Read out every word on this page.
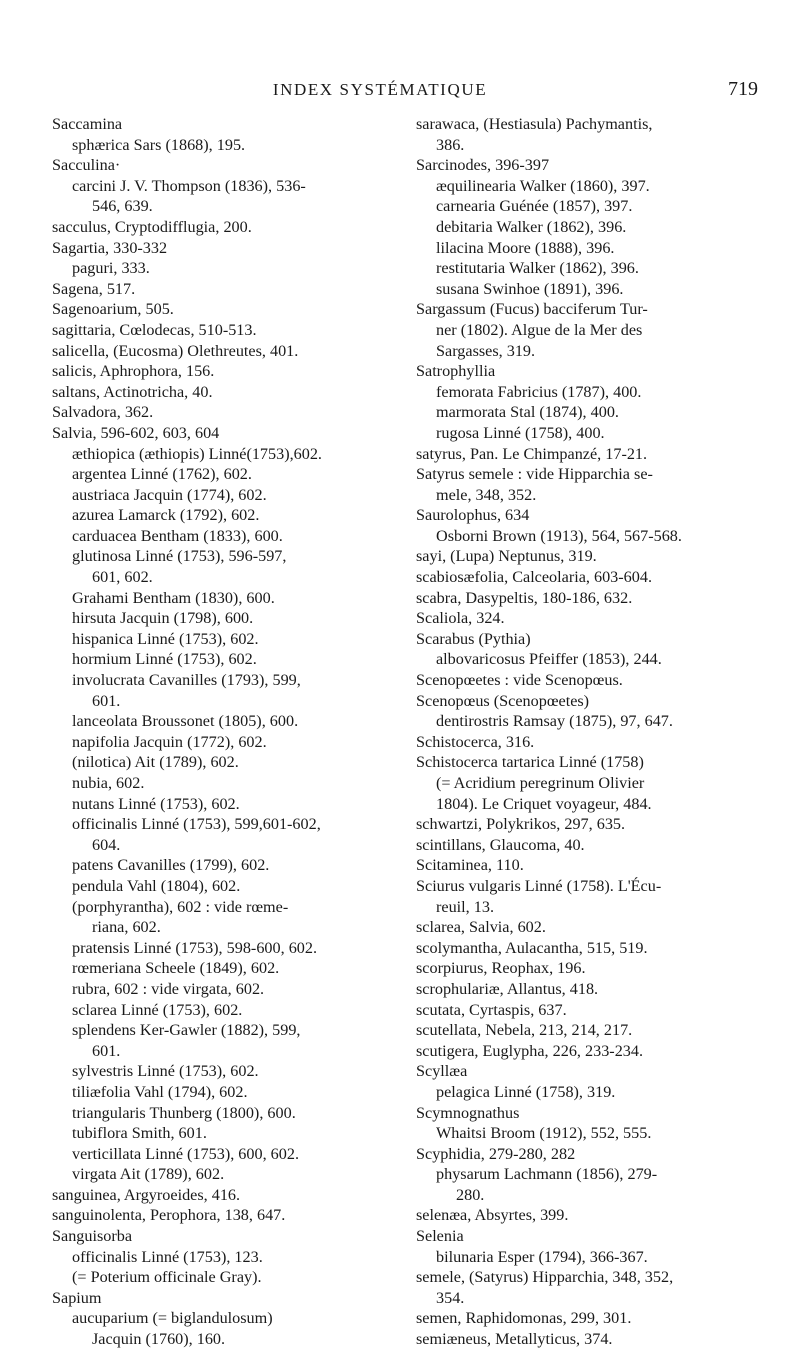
INDEX SYSTÉMATIQUE	719
Saccamina
sphærica Sars (1868), 195.
Sacculina·
carcini J. V. Thompson (1836), 536-
546, 639.
sacculus, Cryptodifflugia, 200.
Sagartia, 330-332
paguri, 333.
Sagena, 517.
Sagenoarium, 505.
sagittaria, Cœlodecas, 510-513.
salicella, (Eucosma) Olethreutes, 401.
salicis, Aphrophora, 156.
saltans, Actinotricha, 40.
Salvadora, 362.
Salvia, 596-602, 603, 604
æthiopica (æthiopis) Linné(1753),602.
argentea Linné (1762), 602.
austriaca Jacquin (1774), 602.
azurea Lamarck (1792), 602.
carduacea Bentham (1833), 600.
glutinosa Linné (1753), 596-597,
601, 602.
Grahami Bentham (1830), 600.
hirsuta Jacquin (1798), 600.
hispanica Linné (1753), 602.
hormium Linné (1753), 602.
involucrata Cavanilles (1793), 599,
601.
lanceolata Broussonet (1805), 600.
napifolia Jacquin (1772), 602.
(nilotica) Ait (1789), 602.
nubia, 602.
nutans Linné (1753), 602.
officinalis Linné (1753), 599,601-602,
604.
patens Cavanilles (1799), 602.
pendula Vahl (1804), 602.
(porphyrantha), 602 : vide rœme-
riana, 602.
pratensis Linné (1753), 598-600, 602.
rœmeriana Scheele (1849), 602.
rubra, 602 : vide virgata, 602.
sclarea Linné (1753), 602.
splendens Ker-Gawler (1882), 599,
601.
sylvestris Linné (1753), 602.
tiliæfolia Vahl (1794), 602.
triangularis Thunberg (1800), 600.
tubiflora Smith, 601.
verticillata Linné (1753), 600, 602.
virgata Ait (1789), 602.
sanguinea, Argyroeides, 416.
sanguinolenta, Perophora, 138, 647.
Sanguisorba
officinalis Linné (1753), 123.
(= Poterium officinale Gray).
Sapium
aucuparium (= biglandulosum)
Jacquin (1760), 160.
sarawaca, (Hestiasula) Pachymantis,
386.
Sarcinodes, 396-397
æquilinearia Walker (1860), 397.
carnearia Guénée (1857), 397.
debitaria Walker (1862), 396.
lilacina Moore (1888), 396.
restitutaria Walker (1862), 396.
susana Swinhoe (1891), 396.
Sargassum (Fucus) bacciferum Tur-
ner (1802). Algue de la Mer des
Sargasses, 319.
Satrophyllia
femorata Fabricius (1787), 400.
marmorata Stal (1874), 400.
rugosa Linné (1758), 400.
satyrus, Pan. Le Chimpanzé, 17-21.
Satyrus semele : vide Hipparchia se-
mele, 348, 352.
Saurolophus, 634
Osborni Brown (1913), 564, 567-568.
sayi, (Lupa) Neptunus, 319.
scabiosæfolia, Calceolaria, 603-604.
scabra, Dasypeltis, 180-186, 632.
Scaliola, 324.
Scarabus (Pythia)
albovaricosus Pfeiffer (1853), 244.
Scenopœetes : vide Scenopœus.
Scenopœus (Scenopœetes)
dentirostris Ramsay (1875), 97, 647.
Schistocerca, 316.
Schistocerca tartarica Linné (1758)
(= Acridium peregrinum Olivier
1804). Le Criquet voyageur, 484.
schwartzi, Polykrikos, 297, 635.
scintillans, Glaucoma, 40.
Scitaminea, 110.
Sciurus vulgaris Linné (1758). L'Écu-
reuil, 13.
sclarea, Salvia, 602.
scolymantha, Aulacantha, 515, 519.
scorpiurus, Reophax, 196.
scrophulariæ, Allantus, 418.
scutata, Cyrtaspis, 637.
scutellata, Nebela, 213, 214, 217.
scutigera, Euglypha, 226, 233-234.
Scyllæa
pelagica Linné (1758), 319.
Scymnognathus
Whaitsi Broom (1912), 552, 555.
Scyphidia, 279-280, 282
physarum Lachmann (1856), 279-
280.
selenæa, Absyrtes, 399.
Selenia
bilunaria Esper (1794), 366-367.
semele, (Satyrus) Hipparchia, 348, 352,
354.
semen, Raphidomonas, 299, 301.
semiæneus, Metallyticus, 374.
